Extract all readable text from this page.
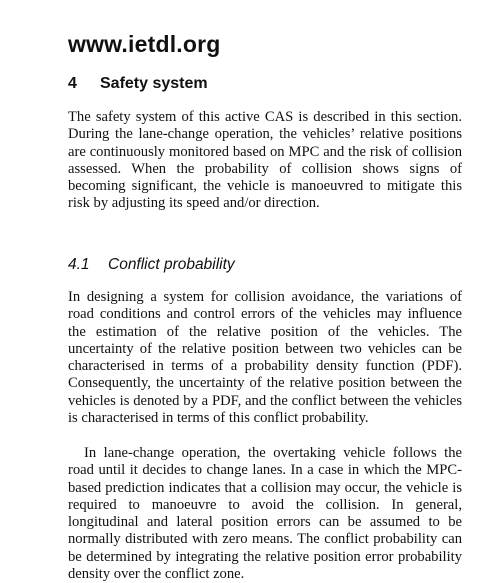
www.ietdl.org
4 Safety system

The safety system of this active CAS is described in this section. During the lane-change operation, the vehicles’ relative positions are continuously monitored based on MPC and the risk of collision assessed. When the probability of collision shows signs of becoming significant, the vehicle is manoeuvred to mitigate this risk by adjusting its speed and/or direction.

4.1 Conflict probability

In designing a system for collision avoidance, the variations of road conditions and control errors of the vehicles may influence the estimation of the relative position of the vehicles. The uncertainty of the relative position between two vehicles can be characterised in terms of a probability density function (PDF). Consequently, the uncertainty of the relative position between the vehicles is denoted by a PDF, and the conflict between the vehicles is characterised in terms of this conflict probability.

In lane-change operation, the overtaking vehicle follows the road until it decides to change lanes. In a case in which the MPC-based prediction indicates that a collision may occur, the vehicle is required to manoeuvre to avoid the collision. In general, longitudinal and lateral position errors can be assumed to be normally distributed with zero means. The conflict probability can be determined by integrating the relative position error probability density over the conflict zone.
